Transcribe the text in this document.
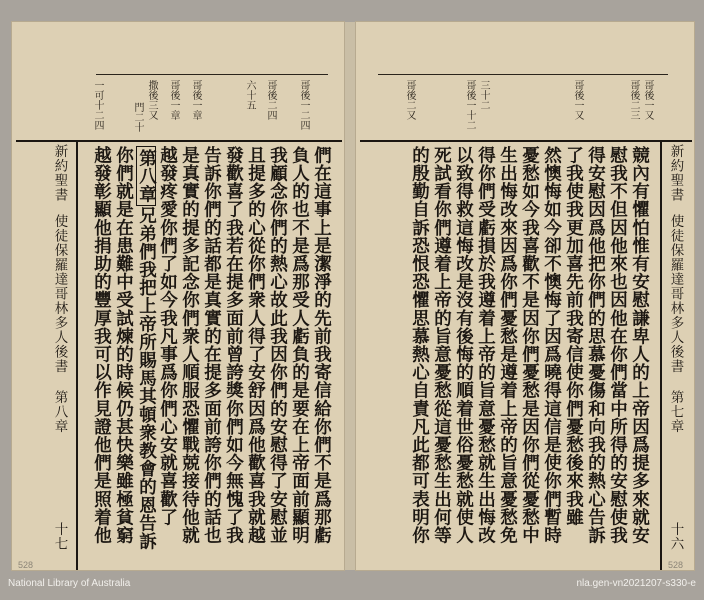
哥後一二四
哥後二四
六十五
哥後一章
哥後一章
撒後三又
門二十
一可十二四
們在這事上是潔淨的先前我寄信給你們不是爲那虧
負人的也不是爲那受人虧負的是要在上帝面前顯明
我顧念你們的熱心故此我因你們的安慰得了安慰並
且提多的心從你們衆人得了安舒因爲他歡喜我就越
發歡喜了我若在提多面前曾誇獎你們如今無愧了我
告訴你們的話都是真實的在提多面前誇你們的話也
是真實的提多記念你們衆人順服恐懼戰兢接待他就
越發疼愛你們了如今我凡事爲你們心安就喜歡了
第八章兄弟們我把上帝所賜馬其頓衆教會的恩告訴
你們就是在患難中受試煉的時候仍甚快樂雖極貧窮
越發彰顯他捐助的豐厚我可以作見證他們是照着他
新約聖書
使徒保羅達哥林多人後書
第八章
十七
哥後一又
哥後二三
哥後一又
三十二
哥後一十二
哥後二又
新約聖書
使徒保羅達哥林多人後書
第七章
十六
競內有懼怕惟有安慰謙卑人的上帝因爲提多來就安
慰我不但因他來也因他在你們當中所得的安慰使我
得安慰因爲他把你們的思慕憂傷和向我的熱心告訴
了我使我更加喜先前我寄信使你們憂愁後來我雖
然懊悔如今卻不懊悔了因爲曉得這信是使你們暫時
憂愁如今我喜歡不是因你們憂愁是因你們從憂愁中
生出悔改來因爲你們憂愁是遵着上帝的旨意憂愁免
得你們受虧損於我遵着上帝的旨意憂愁就生出悔改
以致得救這悔改是沒有後悔的順着世俗憂愁就使人
死試看你們遵着上帝的旨意憂愁從這憂愁生出何等
的殷勤自訴恐恨恐懼思慕熱心自責凡此都可表明你
528	528
National Library of Australia	nla.gen-vn2021207-s330-e
